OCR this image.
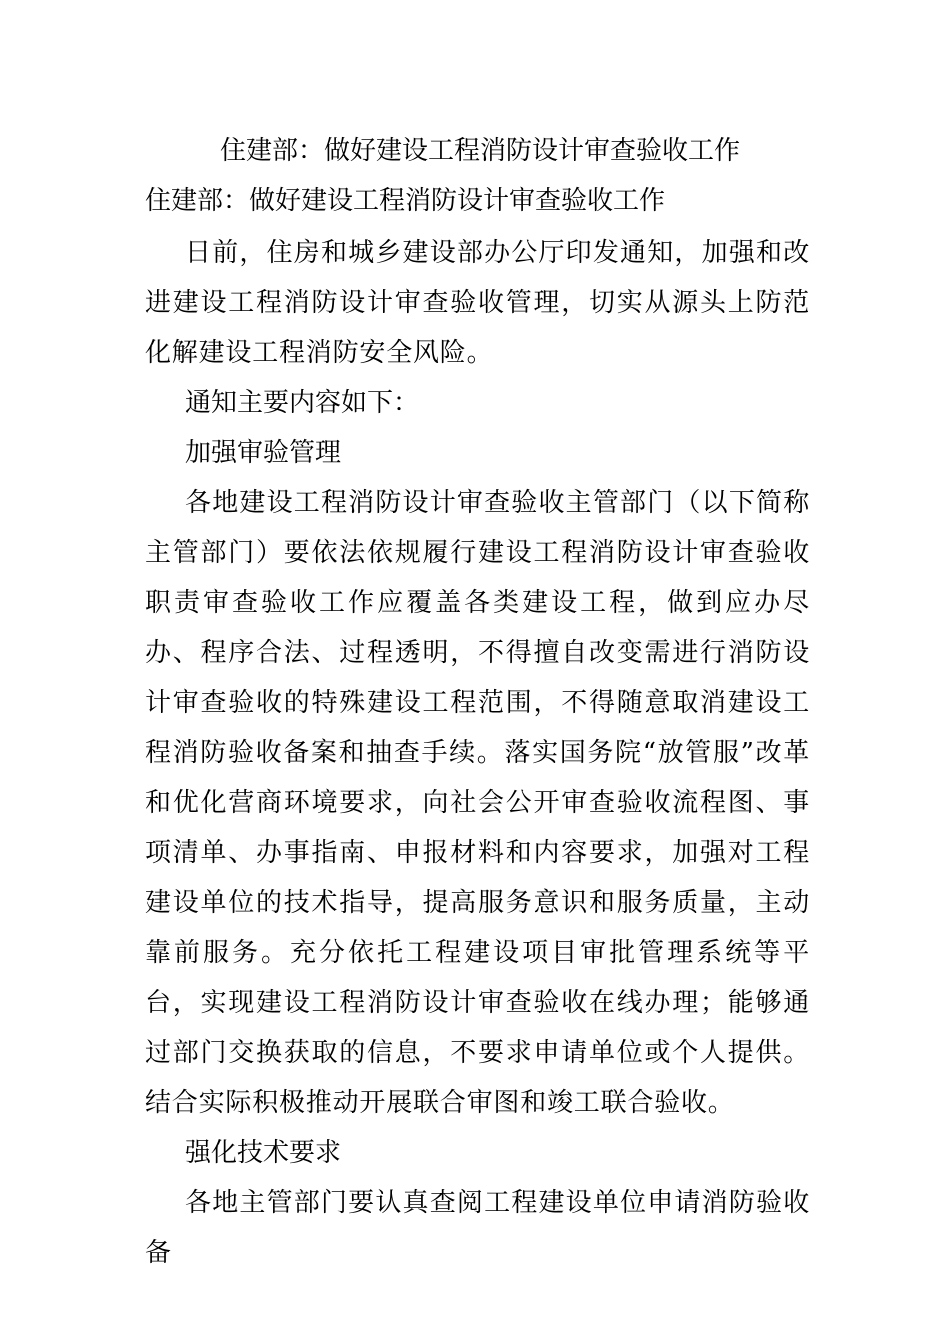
住建部：做好建设工程消防设计审查验收工作
住建部：做好建设工程消防设计审查验收工作

日前，住房和城乡建设部办公厅印发通知，加强和改进建设工程消防设计审查验收管理，切实从源头上防范化解建设工程消防安全风险。

通知主要内容如下：

加强审验管理

各地建设工程消防设计审查验收主管部门（以下简称主管部门）要依法依规履行建设工程消防设计审查验收职责审查验收工作应覆盖各类建设工程，做到应办尽办、程序合法、过程透明，不得擅自改变需进行消防设计审查验收的特殊建设工程范围，不得随意取消建设工程消防验收备案和抽查手续。落实国务院“放管服”改革和优化营商环境要求，向社会公开审查验收流程图、事项清单、办事指南、申报材料和内容要求，加强对工程建设单位的技术指导，提高服务意识和服务质量，主动靠前服务。充分依托工程建设项目审批管理系统等平台，实现建设工程消防设计审查验收在线办理；能够通过部门交换获取的信息，不要求申请单位或个人提供。结合实际积极推动开展联合审图和竣工联合验收。

强化技术要求

各地主管部门要认真查阅工程建设单位申请消防验收备
